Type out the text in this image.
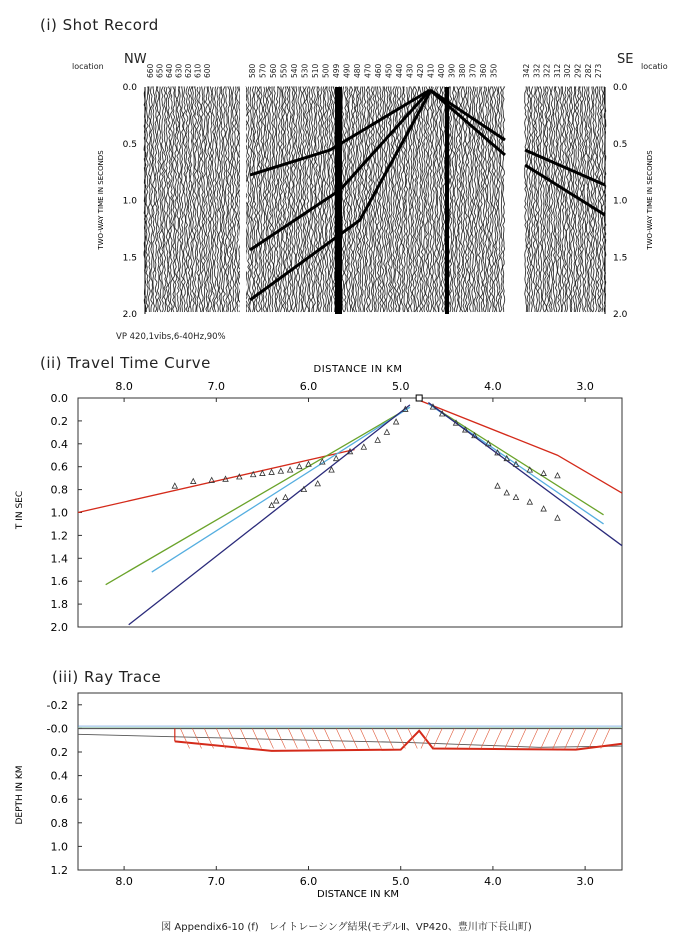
(i) Shot Record
location	locatio
NW	SE
VP 420,1vibs,6-40Hz,90%
660 650 640 630 620 610 600	580 570 560 550 540 530 510 500 499 490 480 470 460 450 440 430 420 410 400 390 380 370 360 350	342 332 322 312 302 292 282 273
0.0	0.0
0.5	0.5
1.0	1.0
1.5	1.5
2.0	2.0
TWO-WAY TIME IN SECONDS	TWO-WAY TIME IN SECONDS
(ii) Travel Time Curve	DISTANCE IN KM
8.0	7.0	6.0	5.0	4.0	3.0
0.0
0.2
0.4
0.6
0.8
1.0
1.2
1.4
1.6
1.8
2.0
T IN SEC
(iii) Ray Trace
-0.2
-0.0
0.2
0.4
0.6
0.8
1.0
1.2
8.0	7.0	6.0	5.0	4.0	3.0
DISTANCE IN KM
DEPTH IN KM
図 Appendix6-10 (f)　レイトレーシング結果(モデルⅡ、VP420、豊川市下長山町)
